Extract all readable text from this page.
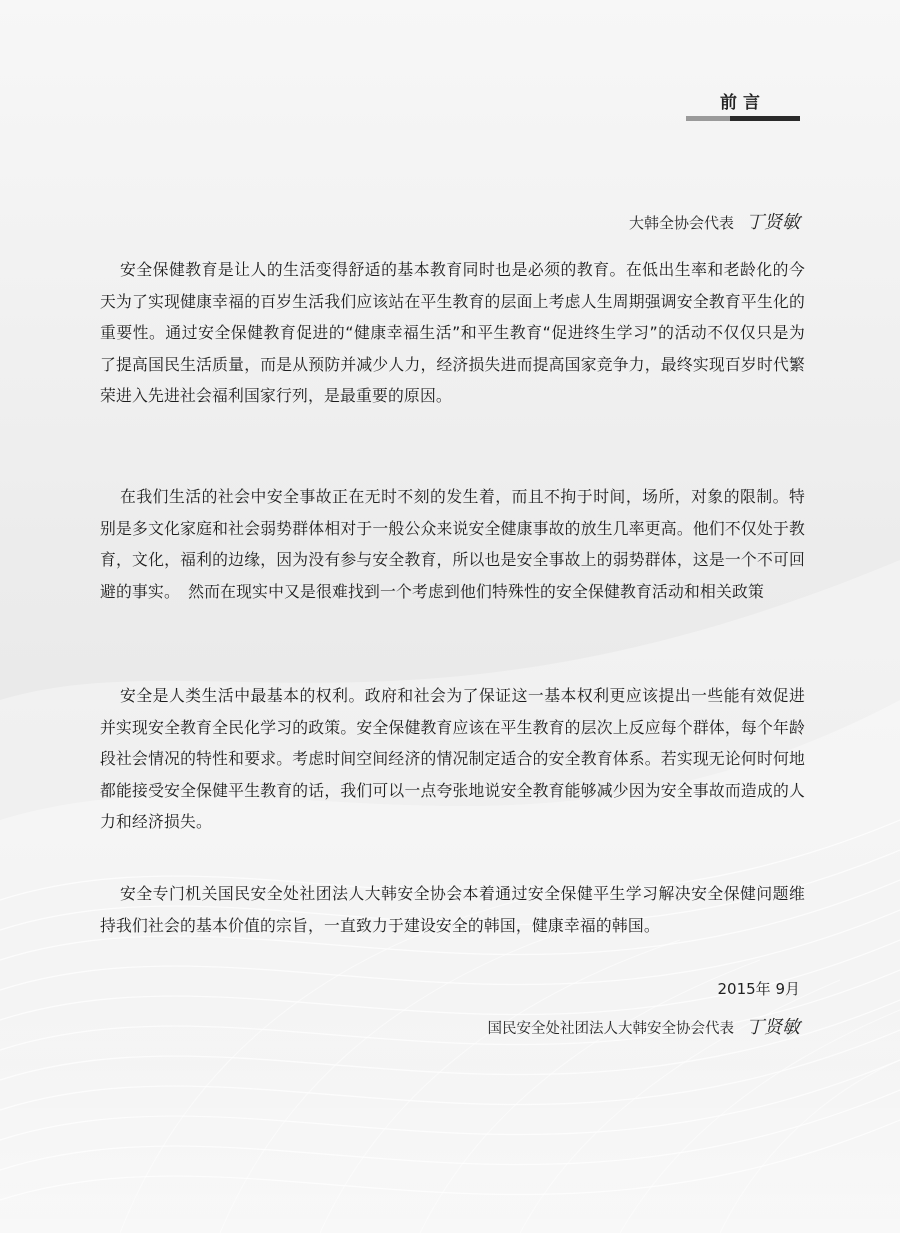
前言
大韩全协会代表 丁贤敏

安全保健教育是让人的生活变得舒适的基本教育同时也是必须的教育。在低出生率和老龄化的今天为了实现健康幸福的百岁生活我们应该站在平生教育的层面上考虑人生周期强调安全教育平生化的重要性。通过安全保健教育促进的“健康幸福生活”和平生教育“促进终生学习”的活动不仅仅只是为了提高国民生活质量，而是从预防并减少人力，经济损失进而提高国家竞争力，最终实现百岁时代繁荣进入先进社会福利国家行列，是最重要的原因。

在我们生活的社会中安全事故正在无时不刻的发生着，而且不拘于时间，场所，对象的限制。特别是多文化家庭和社会弱势群体相对于一般公众来说安全健康事故的放生几率更高。他们不仅处于教育，文化，福利的边缘，因为没有参与安全教育，所以也是安全事故上的弱势群体，这是一个不可回避的事实。　然而在现实中又是很难找到一个考虑到他们特殊性的安全保健教育活动和相关政策

安全是人类生活中最基本的权利。政府和社会为了保证这一基本权利更应该提出一些能有效促进并实现安全教育全民化学习的政策。安全保健教育应该在平生教育的层次上反应每个群体，每个年龄段社会情况的特性和要求。考虑时间空间经济的情况制定适合的安全教育体系。若实现无论何时何地都能接受安全保健平生教育的话，我们可以一点夸张地说安全教育能够减少因为安全事故而造成的人力和经济损失。

安全专门机关国民安全处社团法人大韩安全协会本着通过安全保健平生学习解决安全保健问题维持我们社会的基本价值的宗旨，一直致力于建设安全的韩国，健康幸福的韩国。

2015年 9月
国民安全处社团法人大韩安全协会代表 丁贤敏
